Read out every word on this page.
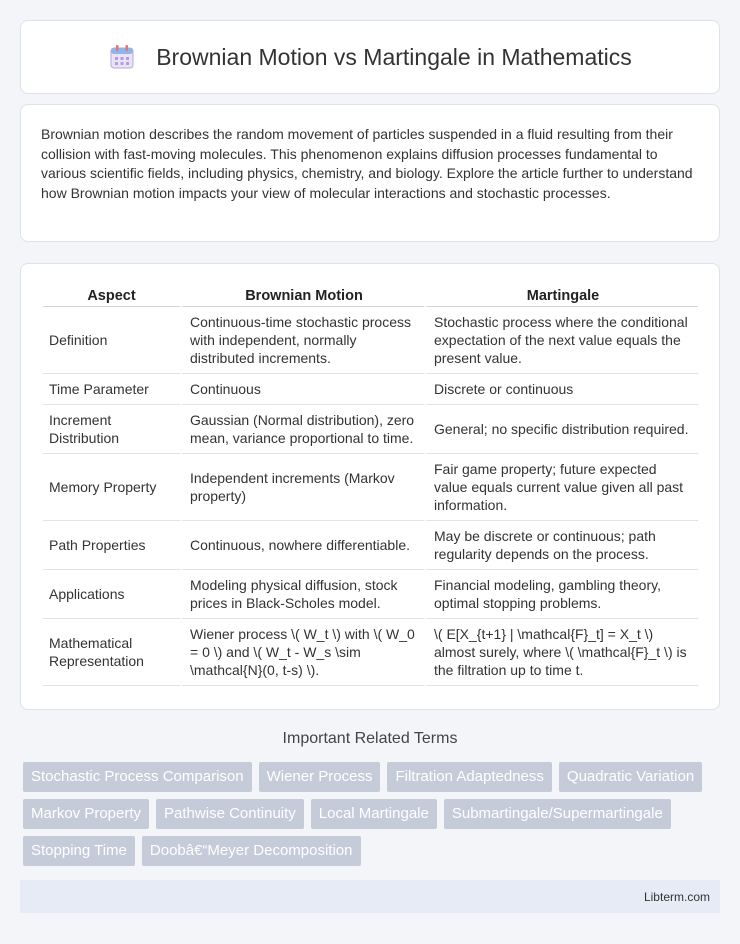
Brownian Motion vs Martingale in Mathematics

Brownian motion describes the random movement of particles suspended in a fluid resulting from their collision with fast-moving molecules. This phenomenon explains diffusion processes fundamental to various scientific fields, including physics, chemistry, and biology. Explore the article further to understand how Brownian motion impacts your view of molecular interactions and stochastic processes.

Aspect	Brownian Motion	Martingale
Definition	Continuous-time stochastic process with independent, normally distributed increments.	Stochastic process where the conditional expectation of the next value equals the present value.
Time Parameter	Continuous	Discrete or continuous
Increment Distribution	Gaussian (Normal distribution), zero mean, variance proportional to time.	General; no specific distribution required.
Memory Property	Independent increments (Markov property)	Fair game property; future expected value equals current value given all past information.
Path Properties	Continuous, nowhere differentiable.	May be discrete or continuous; path regularity depends on the process.
Applications	Modeling physical diffusion, stock prices in Black-Scholes model.	Financial modeling, gambling theory, optimal stopping problems.
Mathematical Representation	Wiener process \( W_t \) with \( W_0 = 0 \) and \( W_t - W_s \sim \mathcal{N}(0, t-s) \).	\( E[X_{t+1} | \mathcal{F}_t] = X_t \) almost surely, where \( \mathcal{F}_t \) is the filtration up to time t.
Important Related Terms
Stochastic Process Comparison	Wiener Process	Filtration Adaptedness	Quadratic Variation
Markov Property	Pathwise Continuity	Local Martingale	Submartingale/Supermartingale
Stopping Time	Doobâ€“Meyer Decomposition
Libterm.com
